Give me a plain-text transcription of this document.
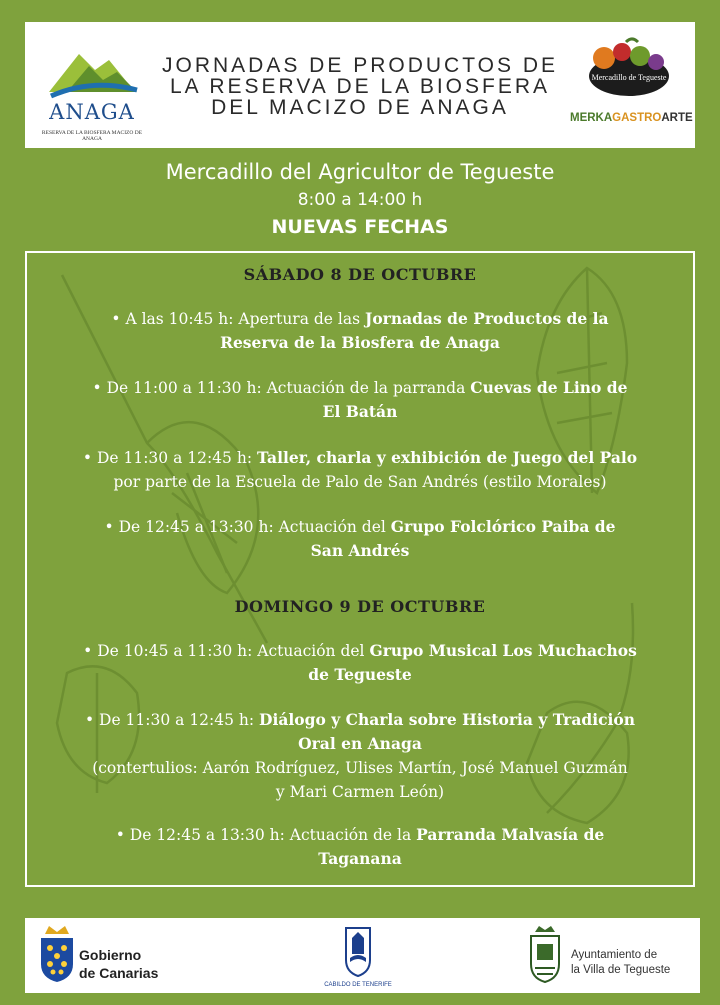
ANAGA
RESERVA DE LA BIOSFERA MACIZO DE ANAGA
JORNADAS DE PRODUCTOS DE
LA RESERVA DE LA BIOSFERA
DEL MACIZO DE ANAGA
Mercadillo de Tegueste
MERKAGASTROARTE
Mercadillo del Agricultor de Tegueste
8:00 a 14:00 h
NUEVAS FECHAS
SÁBADO 8 DE OCTUBRE
• A las 10:45 h: Apertura de las Jornadas de Productos de la
Reserva de la Biosfera de Anaga
• De 11:00 a 11:30 h: Actuación de la parranda Cuevas de Lino de
El Batán
• De 11:30 a 12:45 h: Taller, charla y exhibición de Juego del Palo
por parte de la Escuela de Palo de San Andrés (estilo Morales)
• De 12:45 a 13:30 h: Actuación del Grupo Folclórico Paiba de
San Andrés
DOMINGO 9 DE OCTUBRE
• De 10:45 a 11:30 h: Actuación del Grupo Musical Los Muchachos
de Tegueste
• De 11:30 a 12:45 h: Diálogo y Charla sobre Historia y Tradición
Oral en Anaga
(contertulios: Aarón Rodríguez, Ulises Martín, José Manuel Guzmán
y Mari Carmen León)
• De 12:45 a 13:30 h: Actuación de la Parranda Malvasía de
Taganana
Gobierno
de Canarias
CABILDO DE TENERIFE
Ayuntamiento de
la Villa de Tegueste
